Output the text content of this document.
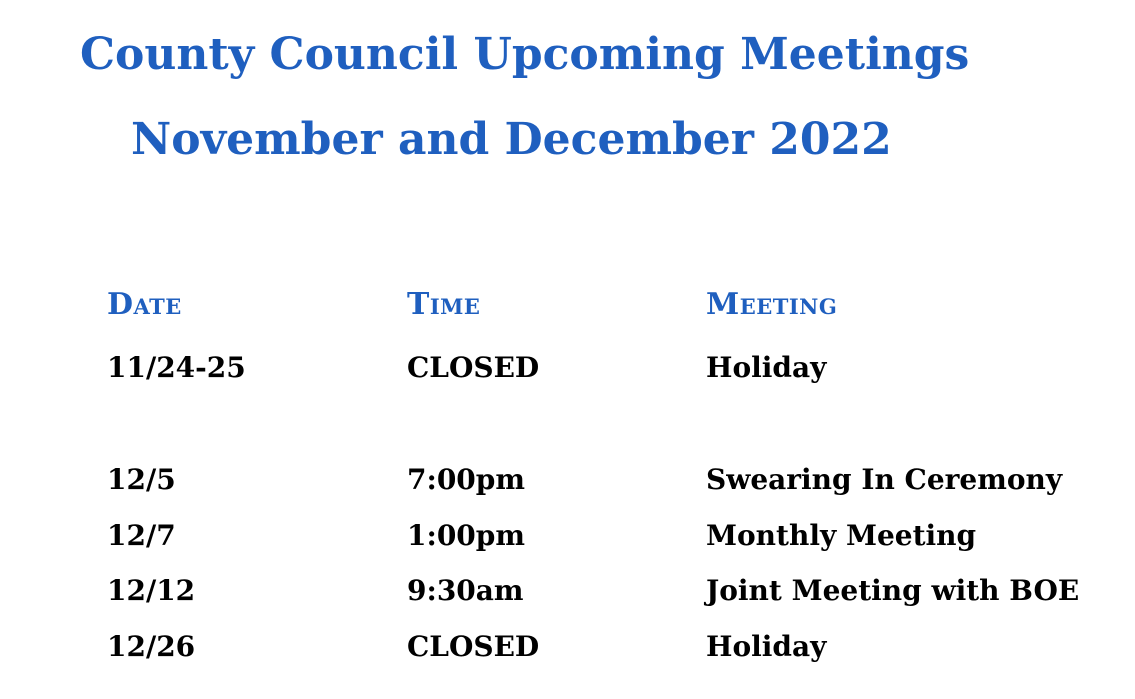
County Council Upcoming Meetings
November and December 2022
Date	Time	Meeting
11/24-25	CLOSED	Holiday
12/5	7:00pm	Swearing In Ceremony
12/7	1:00pm	Monthly Meeting
12/12	9:30am	Joint Meeting with BOE
12/26	CLOSED	Holiday
